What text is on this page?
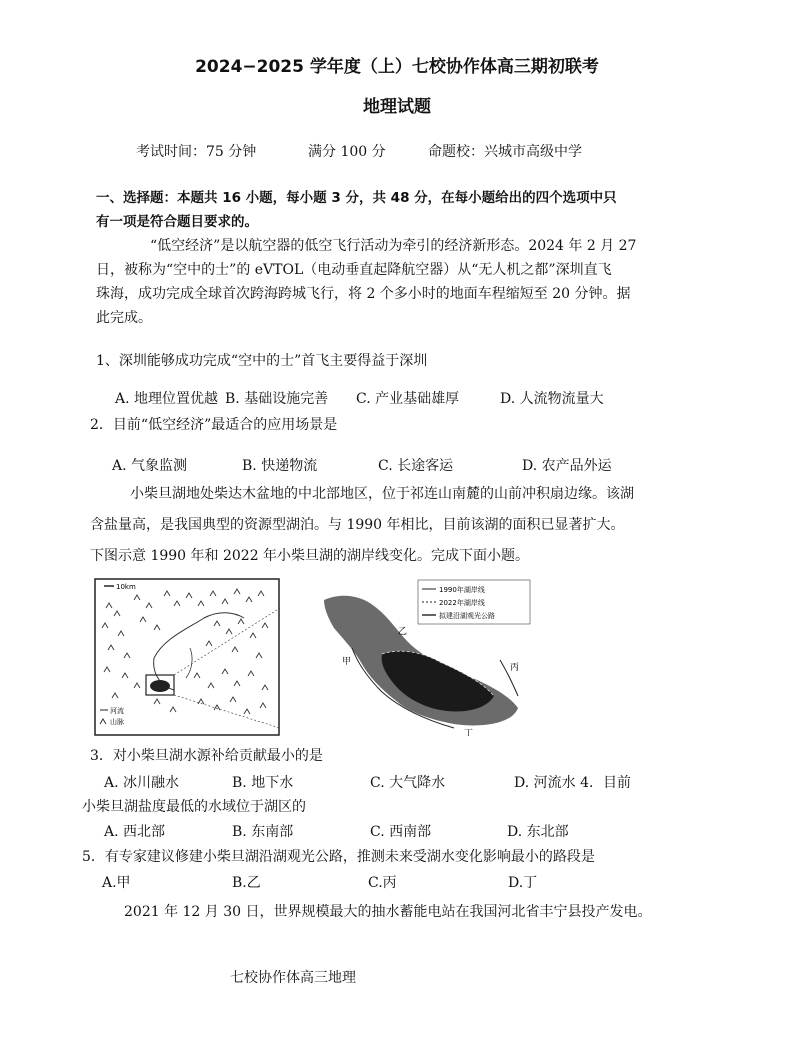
2024−2025 学年度（上）七校协作体高三期初联考
地理试题
考试时间：75 分钟	满分 100 分	命题校：兴城市高级中学
一、选择题：本题共 16 小题，每小题 3 分，共 48 分，在每小题给出的四个选项中只
有一项是符合题目要求的。
“低空经济”是以航空器的低空飞行活动为牵引的经济新形态。2024 年 2 月 27
日，被称为“空中的士”的 eVTOL（电动垂直起降航空器）从“无人机之都”深圳直飞
珠海，成功完成全球首次跨海跨城飞行，将 2 个多小时的地面车程缩短至 20 分钟。据
此完成。
1、深圳能够成功完成“空中的士”首飞主要得益于深圳
A. 地理位置优越 B. 基础设施完善 C. 产业基础雄厚	D. 人流物流量大
2．目前“低空经济”最适合的应用场景是
A. 气象监测	B. 快递物流	C. 长途客运	D. 农产品外运
小柴旦湖地处柴达木盆地的中北部地区，位于祁连山南麓的山前冲积扇边缘。该湖
含盐量高，是我国典型的资源型湖泊。与 1990 年相比，目前该湖的面积已显著扩大。
下图示意 1990 年和 2022 年小柴旦湖的湖岸线变化。完成下面小题。
10km
河流
山脉
1990年湖岸线
2022年湖岸线
拟建沿湖观光公路
甲
乙
丙
丁
3．对小柴旦湖水源补给贡献最小的是
A. 冰川融水	B. 地下水	C. 大气降水	D. 河流水 4．目前
小柴旦湖盐度最低的水域位于湖区的
A. 西北部	B. 东南部	C. 西南部	D. 东北部
5．有专家建议修建小柴旦湖沿湖观光公路，推测未来受湖水变化影响最小的路段是
A.甲	B.乙	C.丙	D.丁
2021 年 12 月 30 日，世界规模最大的抽水蓄能电站在我国河北省丰宁县投产发电。
七校协作体高三地理
